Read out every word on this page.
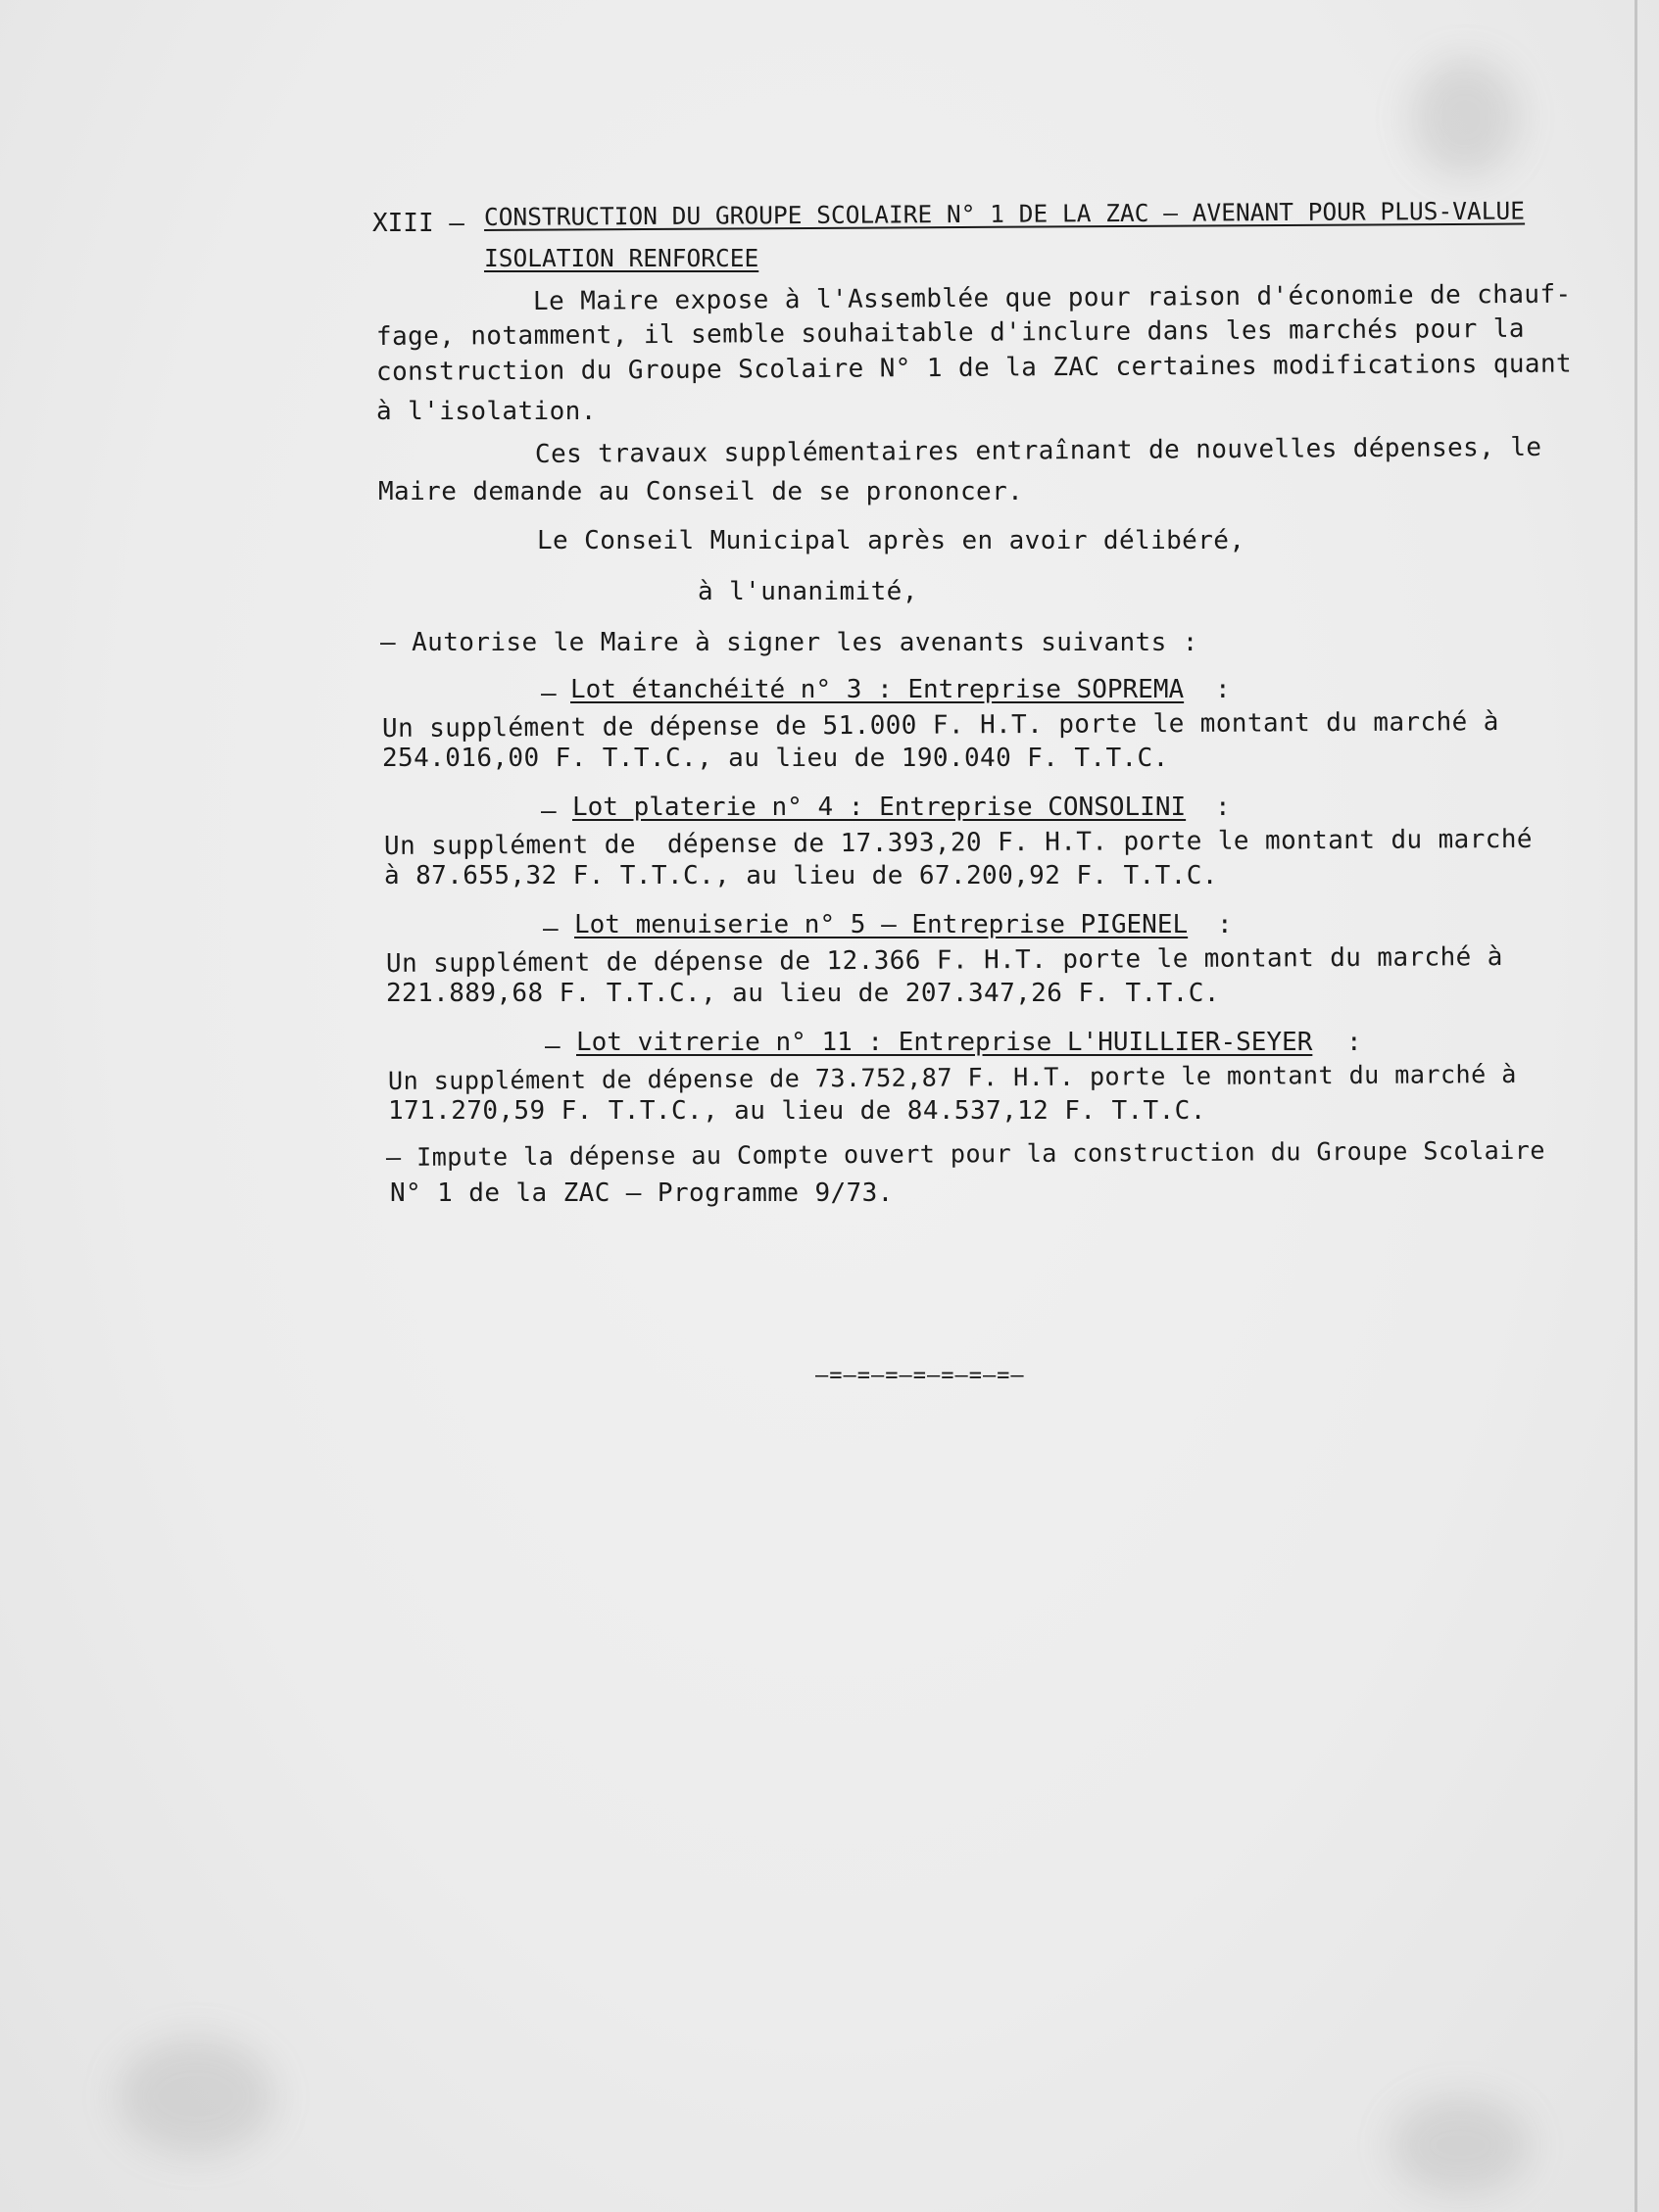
XIII – CONSTRUCTION DU GROUPE SCOLAIRE N° 1 DE LA ZAC – AVENANT POUR PLUS-VALUE
ISOLATION RENFORCEE
Le Maire expose à l'Assemblée que pour raison d'économie de chauf-
fage, notamment, il semble souhaitable d'inclure dans les marchés pour la
construction du Groupe Scolaire N° 1 de la ZAC certaines modifications quant
à l'isolation.
Ces travaux supplémentaires entraînant de nouvelles dépenses, le
Maire demande au Conseil de se prononcer.
Le Conseil Municipal après en avoir délibéré,
à l'unanimité,
– Autorise le Maire à signer les avenants suivants :
– Lot étanchéité n° 3 : Entreprise SOPREMA :
Un supplément de dépense de 51.000 F. H.T. porte le montant du marché à
254.016,00 F. T.T.C., au lieu de 190.040 F. T.T.C.
– Lot platerie n° 4 : Entreprise CONSOLINI :
Un supplément de  dépense de 17.393,20 F. H.T. porte le montant du marché
à 87.655,32 F. T.T.C., au lieu de 67.200,92 F. T.T.C.
– Lot menuiserie n° 5 – Entreprise PIGENEL :
Un supplément de dépense de 12.366 F. H.T. porte le montant du marché à
221.889,68 F. T.T.C., au lieu de 207.347,26 F. T.T.C.
– Lot vitrerie n° 11 : Entreprise L'HUILLIER-SEYER :
Un supplément de dépense de 73.752,87 F. H.T. porte le montant du marché à
171.270,59 F. T.T.C., au lieu de 84.537,12 F. T.T.C.
– Impute la dépense au Compte ouvert pour la construction du Groupe Scolaire
N° 1 de la ZAC – Programme 9/73.
–=–=–=–=–=–=–=–
